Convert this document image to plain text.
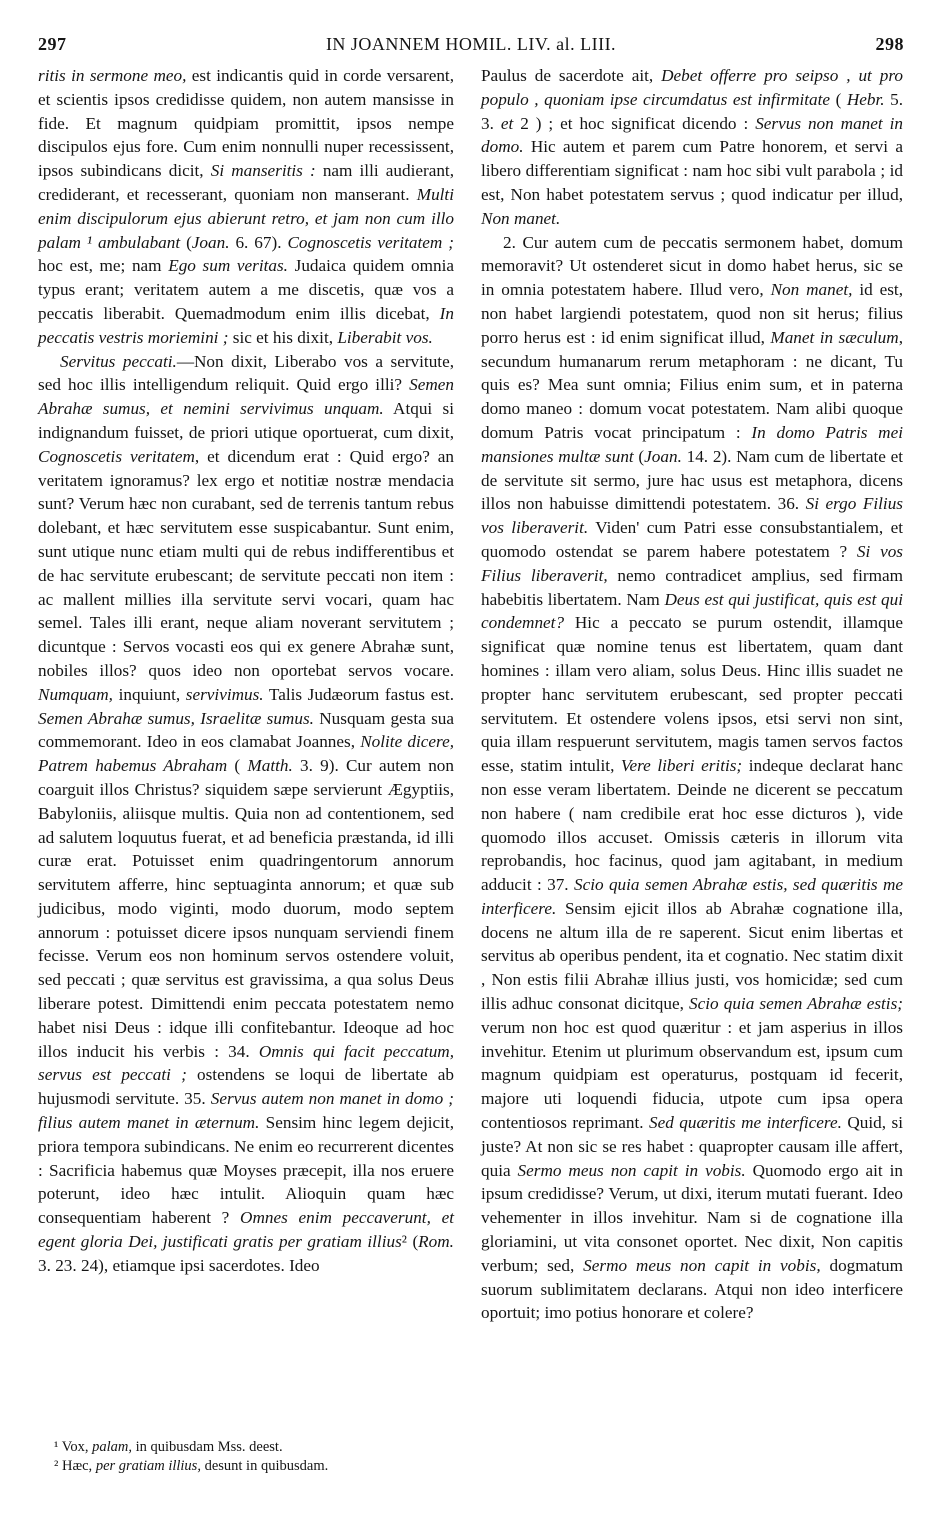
297	IN JOANNEM HOMIL. LIV. al. LIII.	298

ritis in sermone meo, est indicantis quid in corde versarent, et scientis ipsos credidisse quidem, non autem mansisse in fide. Et magnum quidpiam promittit, ipsos nempe discipulos ejus fore. Cum enim nonnulli nuper recessissent, ipsos subindicans dicit, Si manseritis : nam illi audierant, crediderant, et recesserant, quoniam non manserant. Multi enim discipulorum ejus abierunt retro, et jam non cum illo palam ¹ ambulabant (Joan. 6. 67). Cognoscetis veritatem ; hoc est, me; nam Ego sum veritas. Judaica quidem omnia typus erant; veritatem autem a me discetis, quæ vos a peccatis liberabit. Quemadmodum enim illis dicebat, In peccatis vestris moriemini ; sic et his dixit, Liberabit vos.

Servitus peccati.—Non dixit, Liberabo vos a servitute, sed hoc illis intelligendum reliquit. Quid ergo illi? Semen Abrahæ sumus, et nemini servivimus unquam. Atqui si indignandum fuisset, de priori utique oportuerat, cum dixit, Cognoscetis veritatem, et dicendum erat : Quid ergo? an veritatem ignoramus? lex ergo et notitiæ nostræ mendacia sunt? Verum hæc non curabant, sed de terrenis tantum rebus dolebant, et hæc servitutem esse suspicabantur. Sunt enim, sunt utique nunc etiam multi qui de rebus indifferentibus et de hac servitute erubescant; de servitute peccati non item : ac mallent millies illa servitute servi vocari, quam hac semel. Tales illi erant, neque aliam noverant servitutem ; dicuntque : Servos vocasti eos qui ex genere Abrahæ sunt, nobiles illos? quos ideo non oportebat servos vocare. Numquam, inquiunt, servivimus. Talis Judæorum fastus est. Semen Abrahæ sumus, Israelitæ sumus. Nusquam gesta sua commemorant. Ideo in eos clamabat Joannes, Nolite dicere, Patrem habemus Abraham ( Matth. 3. 9). Cur autem non coarguit illos Christus? siquidem sæpe servierunt Ægyptiis, Babyloniis, aliisque multis. Quia non ad contentionem, sed ad salutem loquutus fuerat, et ad beneficia præstanda, id illi curæ erat. Potuisset enim quadringentorum annorum servitutem afferre, hinc septuaginta annorum; et quæ sub judicibus, modo viginti, modo duorum, modo septem annorum : potuisset dicere ipsos nunquam serviendi finem fecisse. Verum eos non hominum servos ostendere voluit, sed peccati ; quæ servitus est gravissima, a qua solus Deus liberare potest. Dimittendi enim peccata potestatem nemo habet nisi Deus : idque illi confitebantur. Ideoque ad hoc illos inducit his verbis : 34. Omnis qui facit peccatum, servus est peccati ; ostendens se loqui de libertate ab hujusmodi servitute. 35. Servus autem non manet in domo ; filius autem manet in æternum. Sensim hinc legem dejicit, priora tempora subindicans. Ne enim eo recurrerent dicentes : Sacrificia habemus quæ Moyses præcepit, illa nos eruere poterunt, ideo hæc intulit. Alioquin quam hæc consequentiam haberent ? Omnes enim peccaverunt, et egent gloria Dei, justificati gratis per gratiam illius² (Rom. 3. 23. 24), etiamque ipsi sacerdotes. Ideo

Paulus de sacerdote ait, Debet offerre pro seipso , ut pro populo , quoniam ipse circumdatus est infirmitate ( Hebr. 5. 3. et 2 ) ; et hoc significat dicendo : Servus non manet in domo. Hic autem et parem cum Patre honorem, et servi a libero differentiam significat : nam hoc sibi vult parabola ; id est, Non habet potestatem servus ; quod indicatur per illud, Non manet.

2. Cur autem cum de peccatis sermonem habet, domum memoravit? Ut ostenderet sicut in domo habet herus, sic se in omnia potestatem habere. Illud vero, Non manet, id est, non habet largiendi potestatem, quod non sit herus; filius porro herus est : id enim significat illud, Manet in sæculum, secundum humanarum rerum metaphoram : ne dicant, Tu quis es? Mea sunt omnia; Filius enim sum, et in paterna domo maneo : domum vocat potestatem. Nam alibi quoque domum Patris vocat principatum : In domo Patris mei mansiones multæ sunt (Joan. 14. 2). Nam cum de libertate et de servitute sit sermo, jure hac usus est metaphora, dicens illos non habuisse dimittendi potestatem. 36. Si ergo Filius vos liberaverit. Viden' cum Patri esse consubstantialem, et quomodo ostendat se parem habere potestatem ? Si vos Filius liberaverit, nemo contradicet amplius, sed firmam habebitis libertatem. Nam Deus est qui justificat, quis est qui condemnet? Hic a peccato se purum ostendit, illamque significat quæ nomine tenus est libertatem, quam dant homines : illam vero aliam, solus Deus. Hinc illis suadet ne propter hanc servitutem erubescant, sed propter peccati servitutem. Et ostendere volens ipsos, etsi servi non sint, quia illam respuerunt servitutem, magis tamen servos factos esse, statim intulit, Vere liberi eritis; indeque declarat hanc non esse veram libertatem. Deinde ne dicerent se peccatum non habere ( nam credibile erat hoc esse dicturos ), vide quomodo illos accuset. Omissis cæteris in illorum vita reprobandis, hoc facinus, quod jam agitabant, in medium adducit : 37. Scio quia semen Abrahæ estis, sed quæritis me interficere. Sensim ejicit illos ab Abrahæ cognatione illa, docens ne altum illa de re saperent. Sicut enim libertas et servitus ab operibus pendent, ita et cognatio. Nec statim dixit , Non estis filii Abrahæ illius justi, vos homicidæ; sed cum illis adhuc consonat dicitque, Scio quia semen Abrahæ estis; verum non hoc est quod quæritur : et jam asperius in illos invehitur. Etenim ut plurimum observandum est, ipsum cum magnum quidpiam est operaturus, postquam id fecerit, majore uti loquendi fiducia, utpote cum ipsa opera contentiosos reprimant. Sed quæritis me interficere. Quid, si juste? At non sic se res habet : quapropter causam ille affert, quia Sermo meus non capit in vobis. Quomodo ergo ait in ipsum credidisse? Verum, ut dixi, iterum mutati fuerant. Ideo vehementer in illos invehitur. Nam si de cognatione illa gloriamini, ut vita consonet oportet. Nec dixit, Non capitis verbum; sed, Sermo meus non capit in vobis, dogmatum suorum sublimitatem declarans. Atqui non ideo interficere oportuit; imo potius honorare et colere?

¹ Vox, palam, in quibusdam Mss. deest.
² Hæc, per gratiam illius, desunt in quibusdam.
